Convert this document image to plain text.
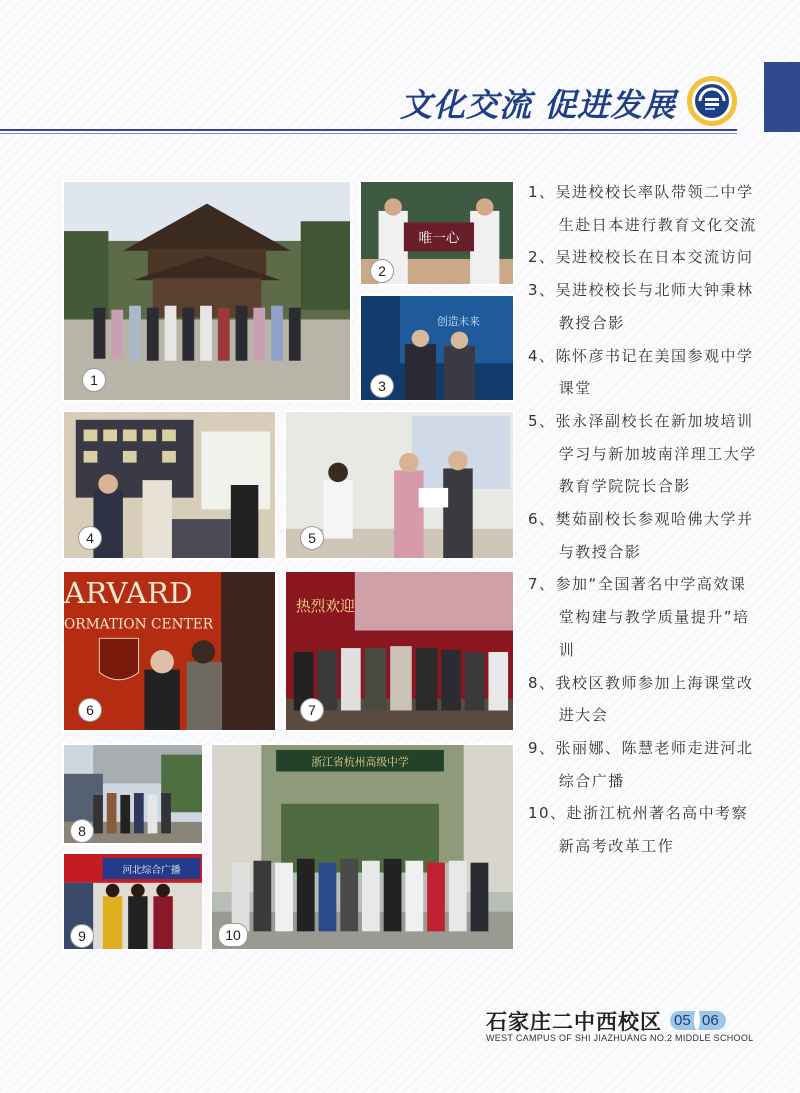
文化交流 促进发展
1
唯一心
2
创造未来
3
4	5
ARVARD
ORMATION CENTER
6
热烈欢迎
7
8
河北综合广播
9
浙江省杭州高级中学
10
1、吴进校校长率队带领二中学生赴日本进行教育文化交流
2、吴进校校长在日本交流访问
3、吴进校校长与北师大钟秉林教授合影
4、陈怀彦书记在美国参观中学课堂
5、张永泽副校长在新加坡培训学习与新加坡南洋理工大学教育学院院长合影
6、樊茹副校长参观哈佛大学并与教授合影
7、参加“全国著名中学高效课堂构建与教学质量提升”培训
8、我校区教师参加上海课堂改进大会
9、张丽娜、陈慧老师走进河北综合广播
10、赴浙江杭州著名高中考察新高考改革工作
石家庄二中西校区 05 06
WEST CAMPUS OF SHI JIAZHUANG NO.2 MIDDLE SCHOOL
